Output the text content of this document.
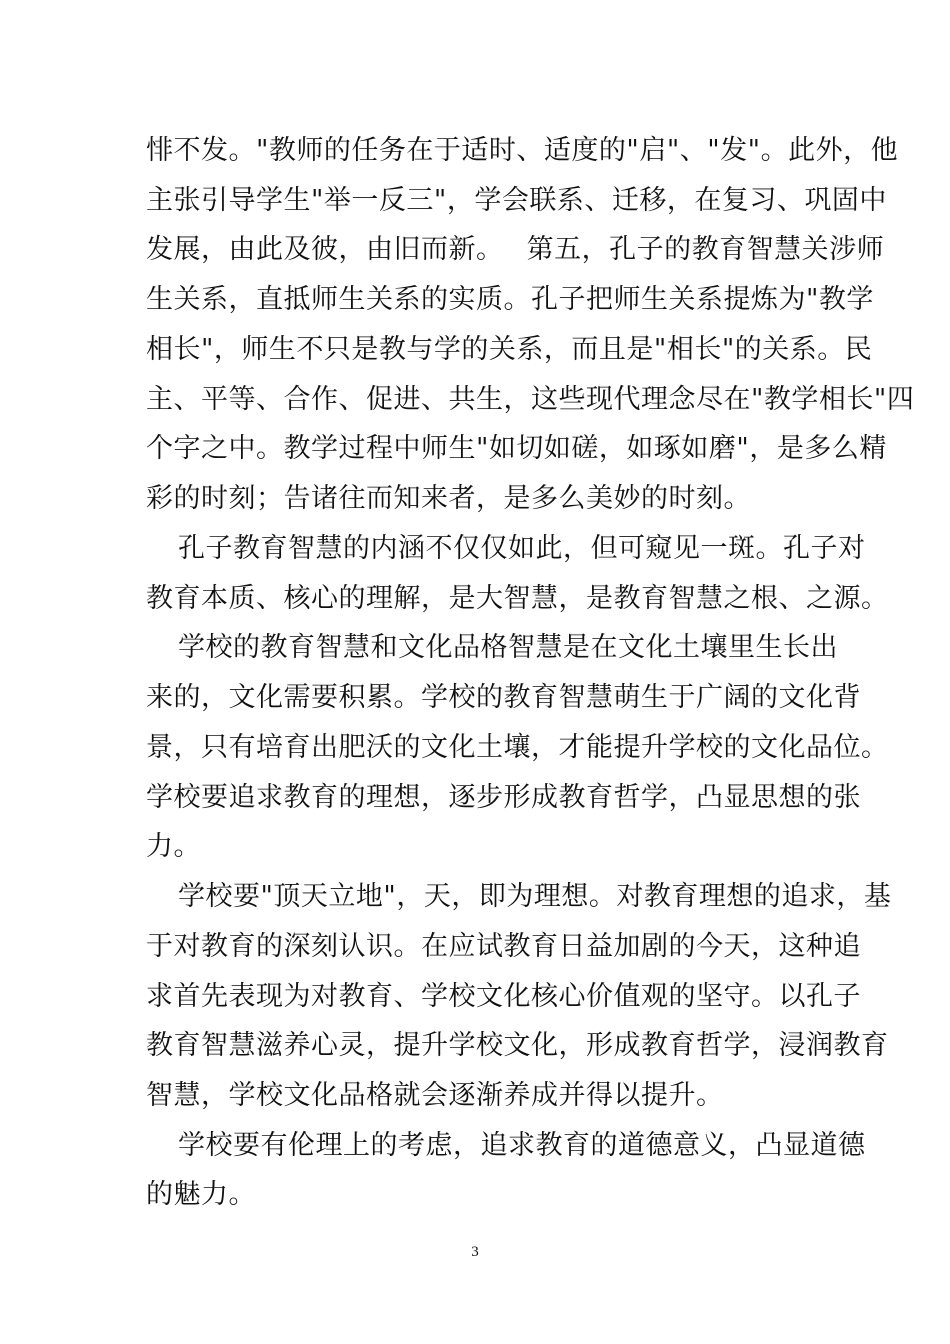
悱不发。"教师的任务在于适时、适度的"启"、"发"。此外，他
主张引导学生"举一反三"，学会联系、迁移，在复习、巩固中
发展，由此及彼，由旧而新。　 第五，孔子的教育智慧关涉师
生关系，直抵师生关系的实质。孔子把师生关系提炼为"教学
相长"，师生不只是教与学的关系，而且是"相长"的关系。民
主、平等、合作、促进、共生，这些现代理念尽在"教学相长"四
个字之中。教学过程中师生"如切如磋，如琢如磨"，是多么精
彩的时刻；告诸往而知来者，是多么美妙的时刻。
孔子教育智慧的内涵不仅仅如此，但可窥见一斑。孔子对
教育本质、核心的理解，是大智慧，是教育智慧之根、之源。
学校的教育智慧和文化品格智慧是在文化土壤里生长出
来的，文化需要积累。学校的教育智慧萌生于广阔的文化背
景，只有培育出肥沃的文化土壤，才能提升学校的文化品位。
学校要追求教育的理想，逐步形成教育哲学，凸显思想的张
力。
学校要"顶天立地"，天，即为理想。对教育理想的追求，基
于对教育的深刻认识。在应试教育日益加剧的今天，这种追
求首先表现为对教育、学校文化核心价值观的坚守。以孔子
教育智慧滋养心灵，提升学校文化，形成教育哲学，浸润教育
智慧，学校文化品格就会逐渐养成并得以提升。
学校要有伦理上的考虑，追求教育的道德意义，凸显道德
的魅力。
3
